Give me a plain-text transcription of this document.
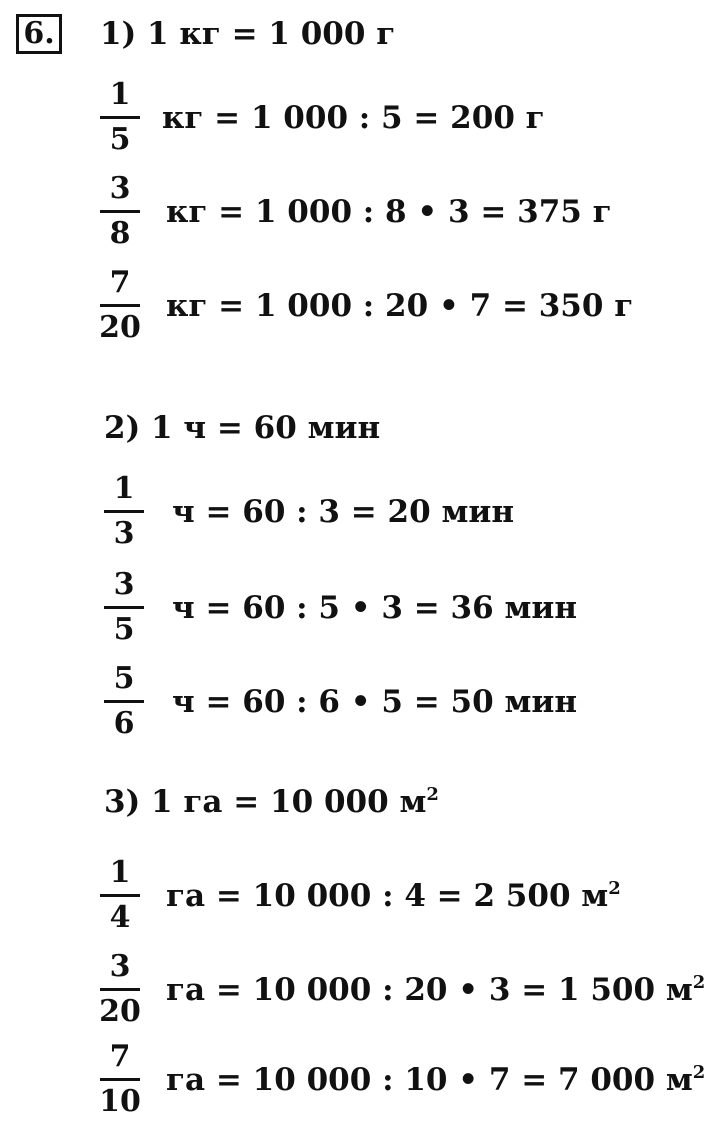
6. 1) 1 кг = 1 000 г
1
5
кг = 1 000 : 5 = 200 г
3
8
кг = 1 000 : 8 • 3 = 375 г
7
20
кг = 1 000 : 20 • 7 = 350 г
2) 1 ч = 60 мин
1
3
ч = 60 : 3 = 20 мин
3
5
ч = 60 : 5 • 3 = 36 мин
5
6
ч = 60 : 6 • 5 = 50 мин
3) 1 га = 10 000 $м^2$
1
4
га = 10 000 : 4 = 2 500 $м^2$
3
20
га = 10 000 : 20 • 3 = 1 500 $м^2$
7
10
га = 10 000 : 10 • 7 = 7 000 $м^2$
